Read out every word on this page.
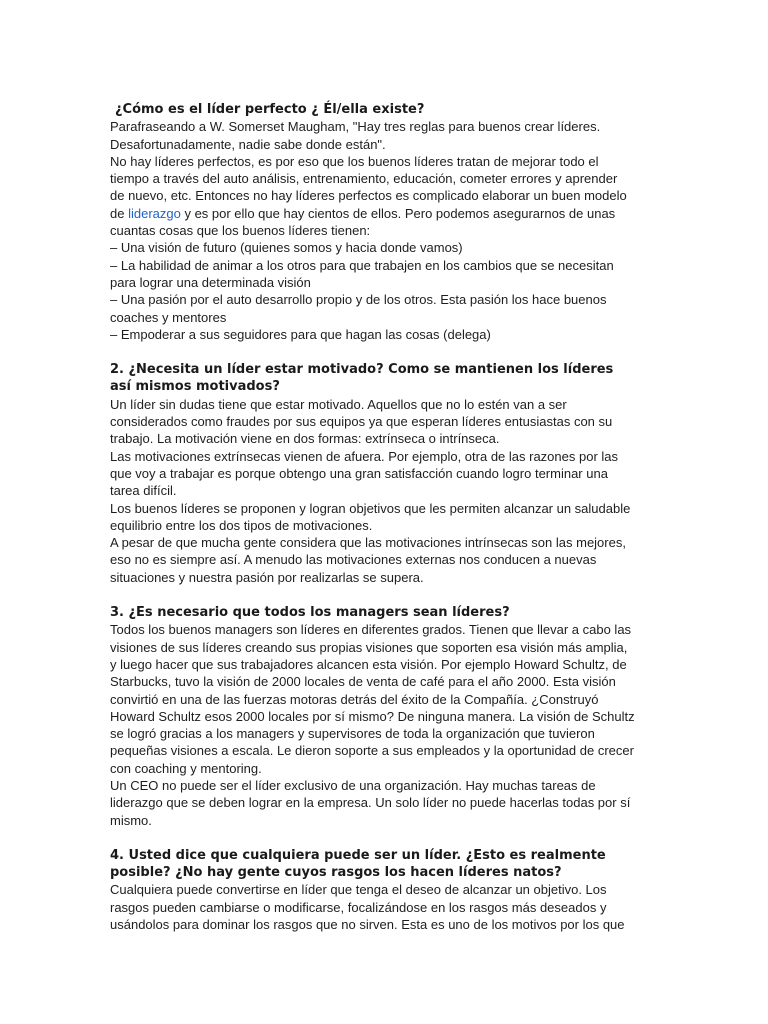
¿Cómo es el líder perfecto ¿ Él/ella existe?

Parafraseando a W. Somerset Maugham, "Hay tres reglas para buenos crear líderes. Desafortunadamente, nadie sabe donde están".

No hay líderes perfectos, es por eso que los buenos líderes tratan de mejorar todo el tiempo a través del auto análisis, entrenamiento, educación, cometer errores y aprender de nuevo, etc. Entonces no hay líderes perfectos es complicado elaborar un buen modelo de liderazgo y es por ello que hay cientos de ellos. Pero podemos asegurarnos de unas cuantas cosas que los buenos líderes tienen:

– Una visión de futuro (quienes somos y hacia donde vamos)

– La habilidad de animar a los otros para que trabajen en los cambios que se necesitan para lograr una determinada visión

– Una pasión por el auto desarrollo propio y de los otros. Esta pasión los hace buenos coaches y mentores

– Empoderar a sus seguidores para que hagan las cosas (delega)

2. ¿Necesita un líder estar motivado? Como se mantienen los líderes así mismos motivados?

Un líder sin dudas tiene que estar motivado. Aquellos que no lo estén van a ser considerados como fraudes por sus equipos ya que esperan líderes entusiastas con su trabajo. La motivación viene en dos formas: extrínseca o intrínseca.

Las motivaciones extrínsecas vienen de afuera. Por ejemplo, otra de las razones por las que voy a trabajar es porque obtengo una gran satisfacción cuando logro terminar una tarea difícil.

Los buenos líderes se proponen y logran objetivos que les permiten alcanzar un saludable equilibrio entre los dos tipos de motivaciones.

A pesar de que mucha gente considera que las motivaciones intrínsecas son las mejores, eso no es siempre así. A menudo las motivaciones externas nos conducen a nuevas situaciones y nuestra pasión por realizarlas se supera.

3. ¿Es necesario que todos los managers sean líderes?

Todos los buenos managers son líderes en diferentes grados. Tienen que llevar a cabo las visiones de sus líderes creando sus propias visiones que soporten esa visión más amplia, y luego hacer que sus trabajadores alcancen esta visión. Por ejemplo Howard Schultz, de Starbucks, tuvo la visión de 2000 locales de venta de café para el año 2000. Esta visión convirtió en una de las fuerzas motoras detrás del éxito de la Compañía. ¿Construyó Howard Schultz esos 2000 locales por sí mismo? De ninguna manera. La visión de Schultz se logró gracias a los managers y supervisores de toda la organización que tuvieron pequeñas visiones a escala. Le dieron soporte a sus empleados y la oportunidad de crecer con coaching y mentoring.

Un CEO no puede ser el líder exclusivo de una organización. Hay muchas tareas de liderazgo que se deben lograr en la empresa. Un solo líder no puede hacerlas todas por sí mismo.

4. Usted dice que cualquiera puede ser un líder. ¿Esto es realmente posible? ¿No hay gente cuyos rasgos los hacen líderes natos?

Cualquiera puede convertirse en líder que tenga el deseo de alcanzar un objetivo. Los rasgos pueden cambiarse o modificarse, focalizándose en los rasgos más deseados y usándolos para dominar los rasgos que no sirven. Esta es uno de los motivos por los que
